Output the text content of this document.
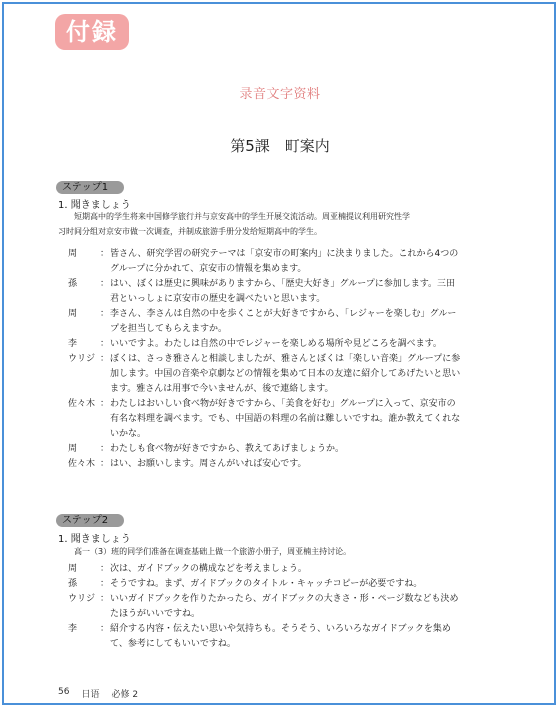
付録
录音文字资料
第5課　町案内
ステップ1
1. 聞きましょう
短期高中的学生将来中国修学旅行并与京安高中的学生开展交流活动。周亚楠提议利用研究性学
习时间分组对京安市做一次调查，并制成旅游手册分发给短期高中的学生。
周	： 皆さん、研究学習の研究テーマは「京安市の町案内」に決まりました。これから4つの
グループに分かれて、京安市の情報を集めます。
孫	： はい、ぼくは歴史に興味がありますから、「歴史大好き」グループに参加します。三田
君といっしょに京安市の歴史を調べたいと思います。
周	： 李さん、李さんは自然の中を歩くことが大好きですから、「レジャーを楽しむ」グルー
プを担当してもらえますか。
李	： いいですよ。わたしは自然の中でレジャーを楽しめる場所や見どころを調べます。
ウリジ ： ぼくは、さっき雅さんと相談しましたが、雅さんとぼくは「楽しい音楽」グループに参
加します。中国の音楽や京劇などの情報を集めて日本の友達に紹介してあげたいと思い
ます。雅さんは用事で今いませんが、後で連絡します。
佐々木 ： わたしはおいしい食べ物が好きですから、「美食を好む」グループに入って、京安市の
有名な料理を調べます。でも、中国語の料理の名前は難しいですね。誰か教えてくれな
いかな。
周	： わたしも食べ物が好きですから、教えてあげましょうか。
佐々木 ： はい、お願いします。周さんがいれば安心です。
ステップ2
1. 聞きましょう
高一（3）班的同学们准备在调查基础上做一个旅游小册子，周亚楠主持讨论。
周	： 次は、ガイドブックの構成などを考えましょう。
孫	： そうですね。まず、ガイドブックのタイトル・キャッチコピーが必要ですね。
ウリジ ： いいガイドブックを作りたかったら、ガイドブックの大きさ・形・ページ数なども決め
たほうがいいですね。
李	： 紹介する内容・伝えたい思いや気持ちも。そうそう、いろいろなガイドブックを集め
て、参考にしてもいいですね。
56 日语 必修 2
